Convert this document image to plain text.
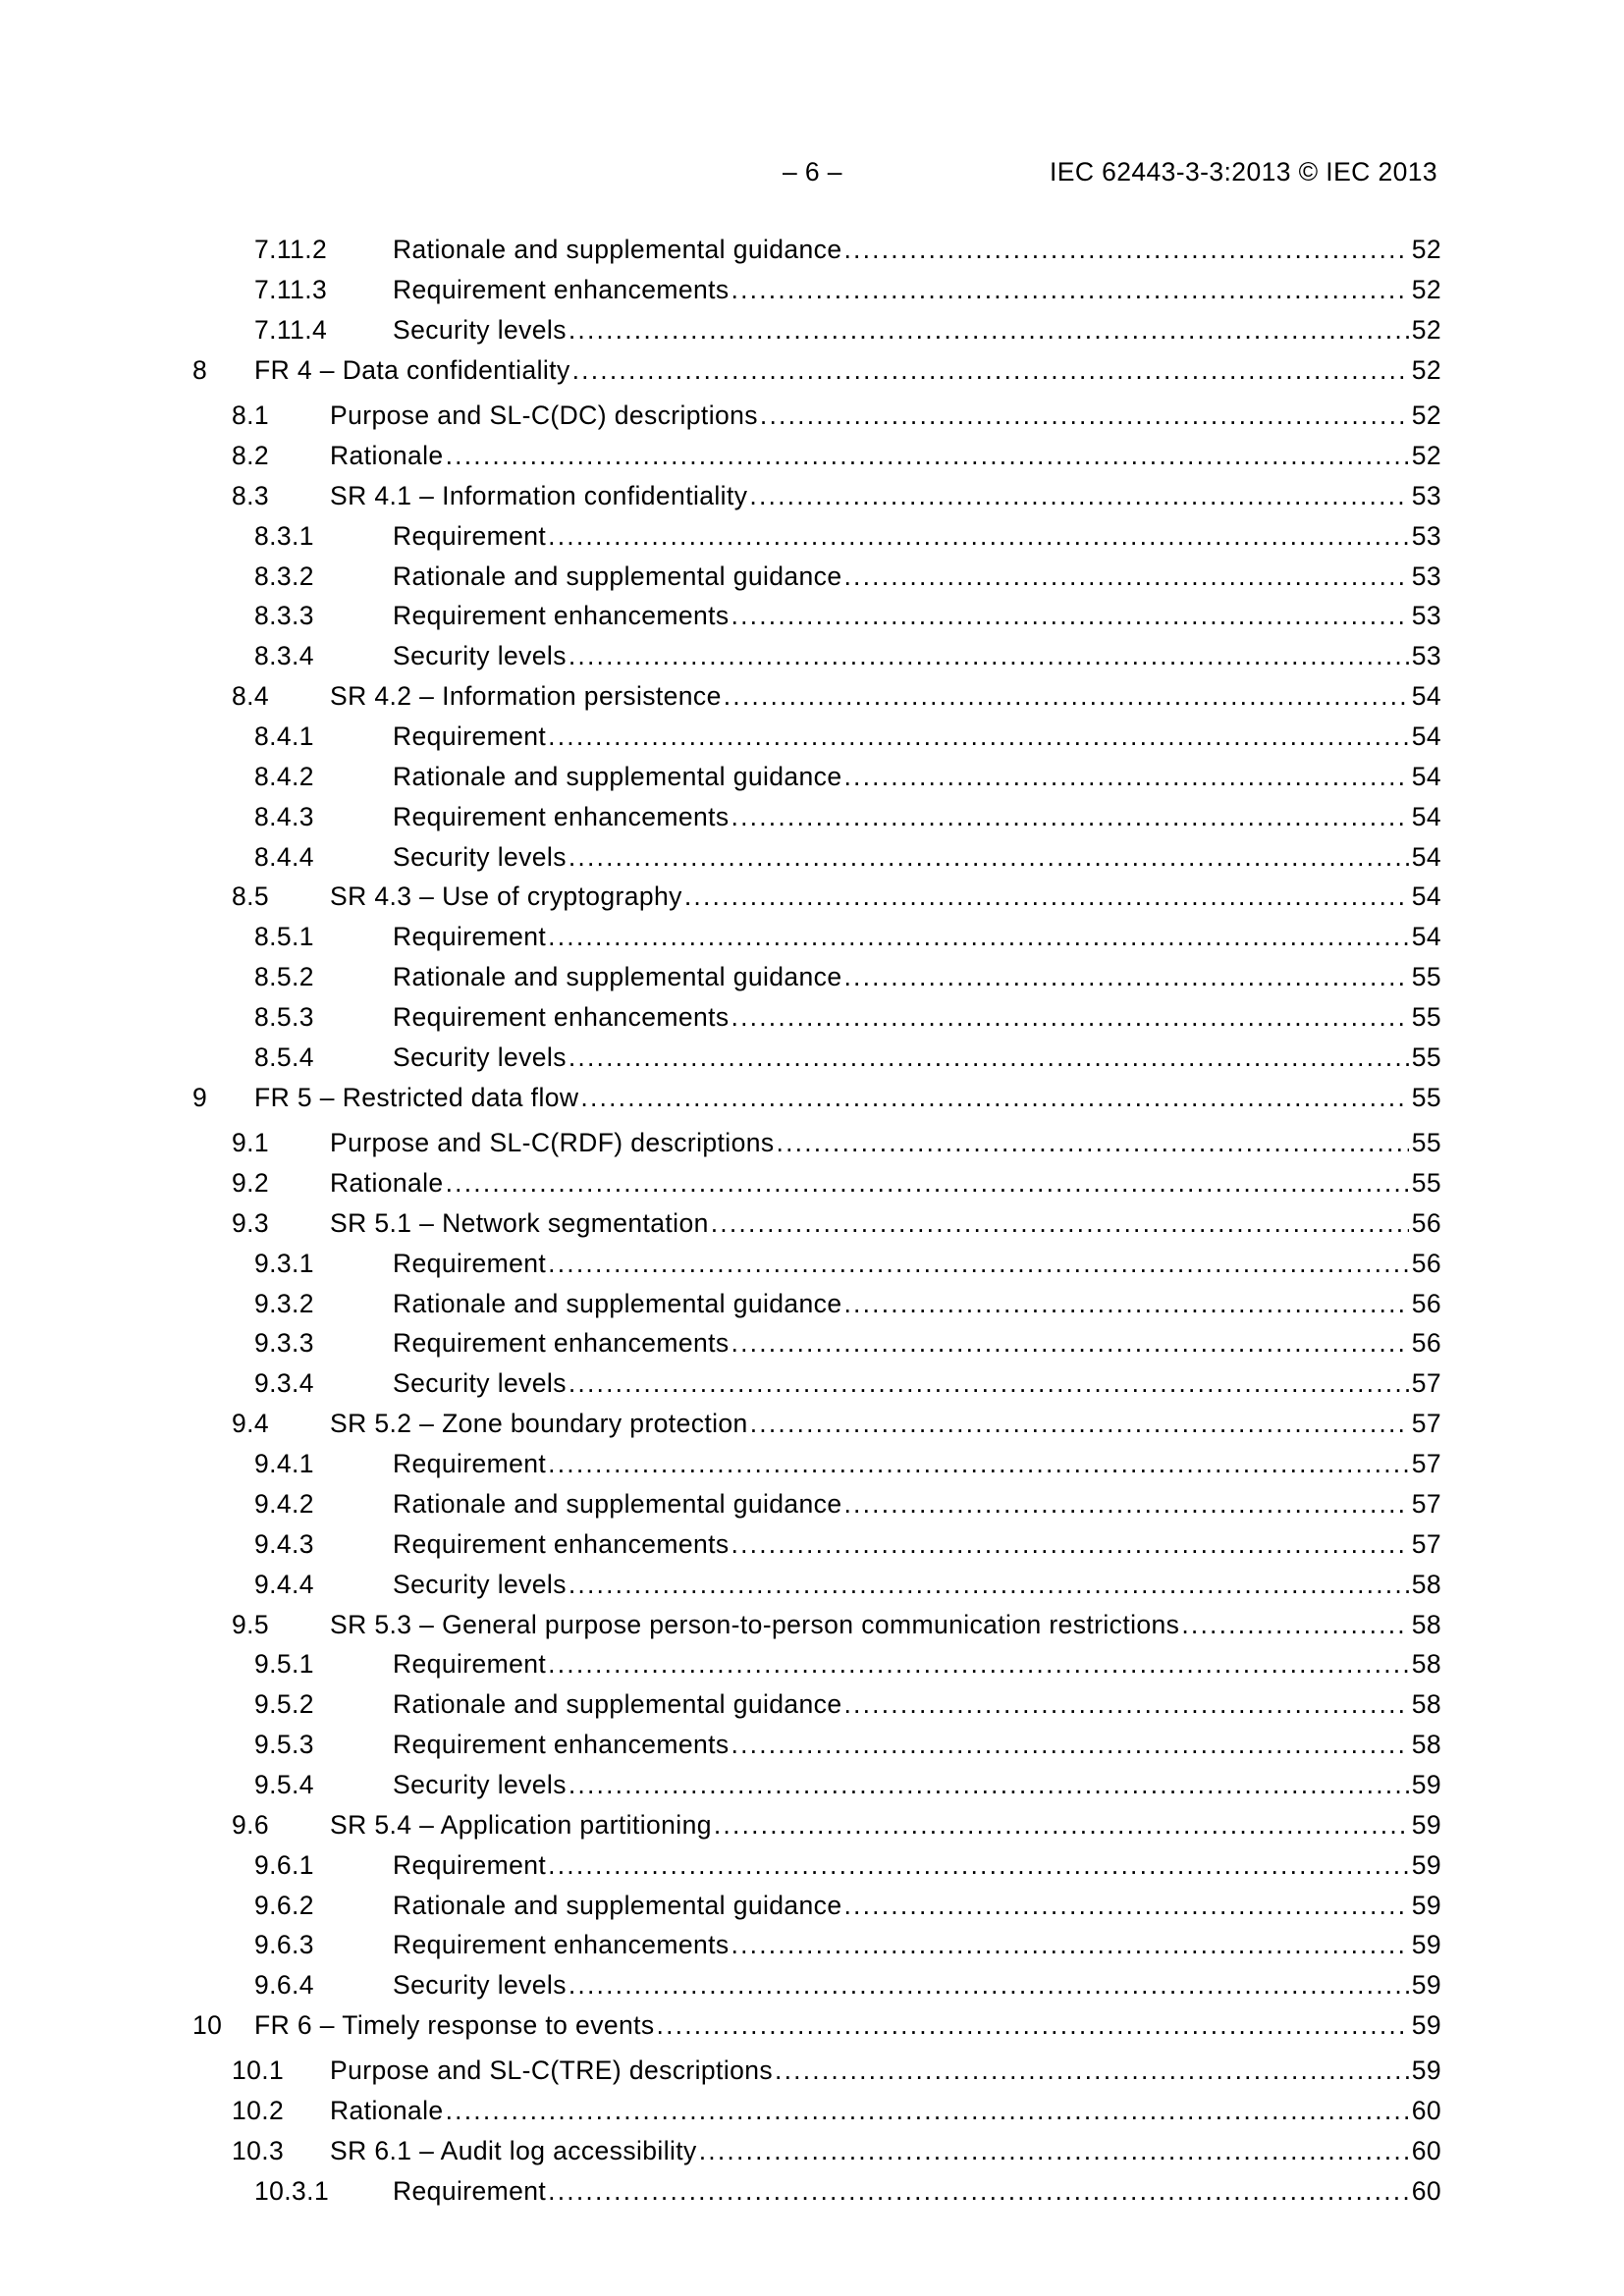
– 6 –	IEC 62443-3-3:2013 © IEC 2013
7.11.2	Rationale and supplemental guidance .....	52
7.11.3	Requirement enhancements .....	52
7.11.4	Security levels .....	52
8 FR 4 – Data confidentiality .....	52
8.1 Purpose and SL-C(DC) descriptions .....	52
8.2 Rationale .....	52
8.3 SR 4.1 – Information confidentiality .....	53
8.3.1	Requirement .....	53
8.3.2	Rationale and supplemental guidance .....	53
8.3.3	Requirement enhancements .....	53
8.3.4	Security levels .....	53
8.4 SR 4.2 – Information persistence .....	54
8.4.1	Requirement .....	54
8.4.2	Rationale and supplemental guidance .....	54
8.4.3	Requirement enhancements .....	54
8.4.4	Security levels .....	54
8.5 SR 4.3 – Use of cryptography .....	54
8.5.1	Requirement .....	54
8.5.2	Rationale and supplemental guidance .....	55
8.5.3	Requirement enhancements .....	55
8.5.4	Security levels .....	55
9 FR 5 – Restricted data flow .....	55
9.1 Purpose and SL-C(RDF) descriptions .....	55
9.2 Rationale .....	55
9.3 SR 5.1 – Network segmentation .....	56
9.3.1	Requirement .....	56
9.3.2	Rationale and supplemental guidance .....	56
9.3.3	Requirement enhancements .....	56
9.3.4	Security levels .....	57
9.4 SR 5.2 – Zone boundary protection .....	57
9.4.1	Requirement .....	57
9.4.2	Rationale and supplemental guidance .....	57
9.4.3	Requirement enhancements .....	57
9.4.4	Security levels .....	58
9.5 SR 5.3 – General purpose person-to-person communication restrictions .....	58
9.5.1	Requirement .....	58
9.5.2	Rationale and supplemental guidance .....	58
9.5.3	Requirement enhancements .....	58
9.5.4	Security levels .....	59
9.6 SR 5.4 – Application partitioning .....	59
9.6.1	Requirement .....	59
9.6.2	Rationale and supplemental guidance .....	59
9.6.3	Requirement enhancements .....	59
9.6.4	Security levels .....	59
10 FR 6 – Timely response to events .....	59
10.1 Purpose and SL-C(TRE) descriptions .....	59
10.2 Rationale .....	60
10.3 SR 6.1 – Audit log accessibility .....	60
10.3.1 Requirement .....	60
